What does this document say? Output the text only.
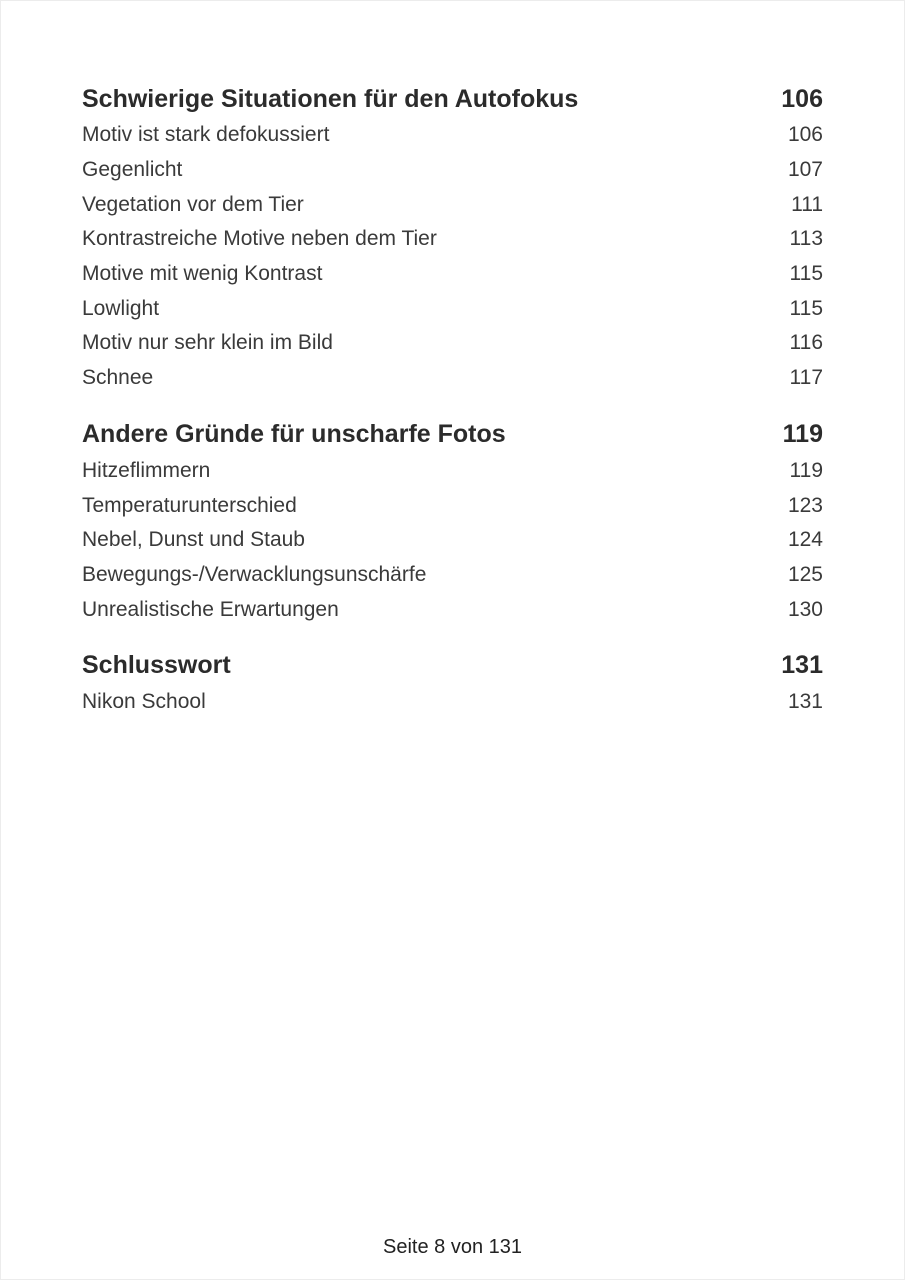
Schwierige Situationen für den Autofokus	106
Motiv ist stark defokussiert	106
Gegenlicht	107
Vegetation vor dem Tier	111
Kontrastreiche Motive neben dem Tier	113
Motive mit wenig Kontrast	115
Lowlight	115
Motiv nur sehr klein im Bild	116
Schnee	117
Andere Gründe für unscharfe Fotos	119
Hitzeflimmern	119
Temperaturunterschied	123
Nebel, Dunst und Staub	124
Bewegungs-/Verwacklungsunschärfe	125
Unrealistische Erwartungen	130
Schlusswort	131
Nikon School	131
Seite 8 von 131
